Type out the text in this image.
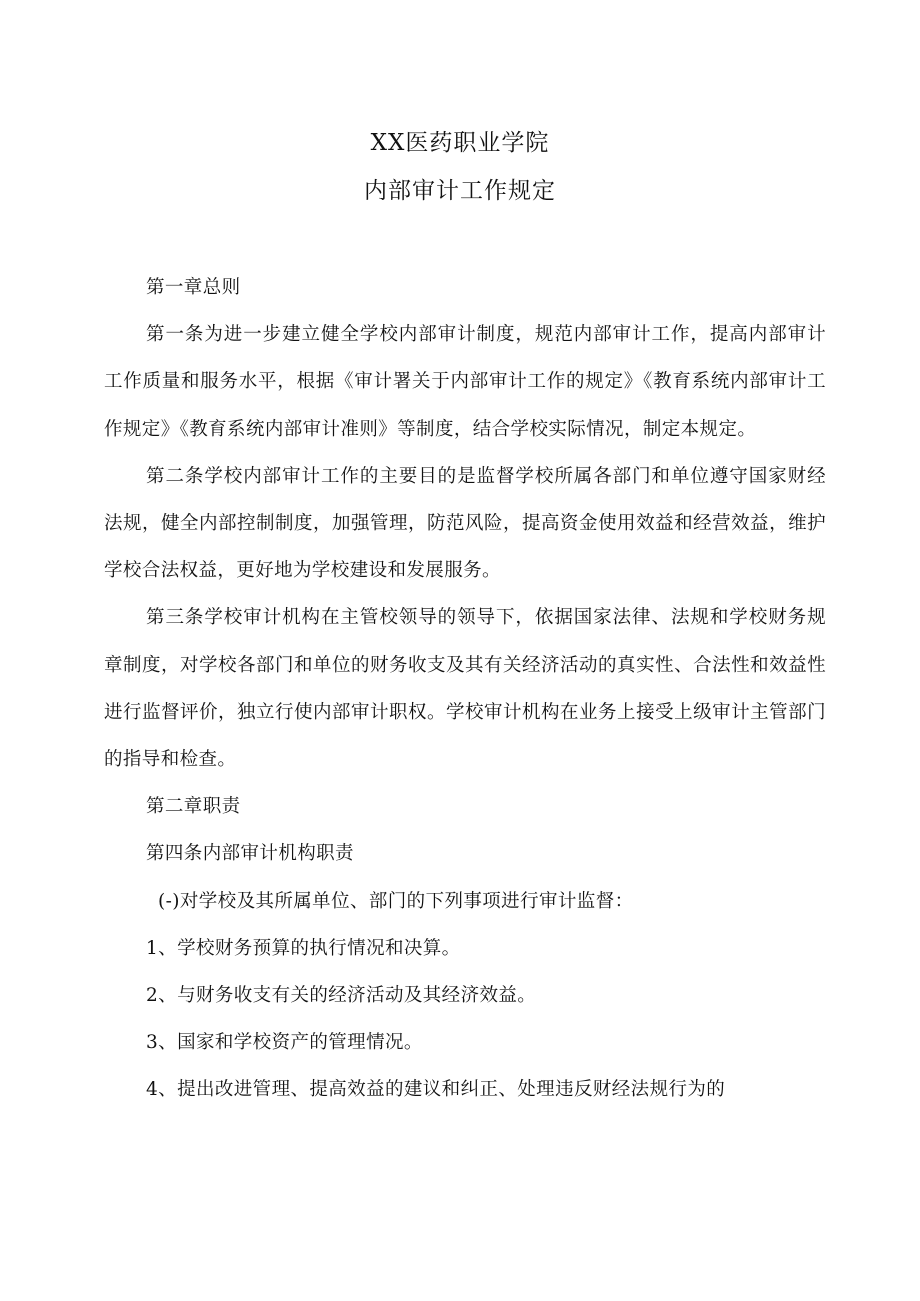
XX医药职业学院
内部审计工作规定

第一章总则

第一条为进一步建立健全学校内部审计制度，规范内部审计工作，提高内部审计工作质量和服务水平，根据《审计署关于内部审计工作的规定》《教育系统内部审计工作规定》《教育系统内部审计准则》等制度，结合学校实际情况，制定本规定。

第二条学校内部审计工作的主要目的是监督学校所属各部门和单位遵守国家财经法规，健全内部控制制度，加强管理，防范风险，提高资金使用效益和经营效益，维护学校合法权益，更好地为学校建设和发展服务。

第三条学校审计机构在主管校领导的领导下，依据国家法律、法规和学校财务规章制度，对学校各部门和单位的财务收支及其有关经济活动的真实性、合法性和效益性进行监督评价，独立行使内部审计职权。学校审计机构在业务上接受上级审计主管部门的指导和检查。

第二章职责

第四条内部审计机构职责

(-)对学校及其所属单位、部门的下列事项进行审计监督：

1、学校财务预算的执行情况和决算。

2、与财务收支有关的经济活动及其经济效益。

3、国家和学校资产的管理情况。

4、提出改进管理、提高效益的建议和纠正、处理违反财经法规行为的
